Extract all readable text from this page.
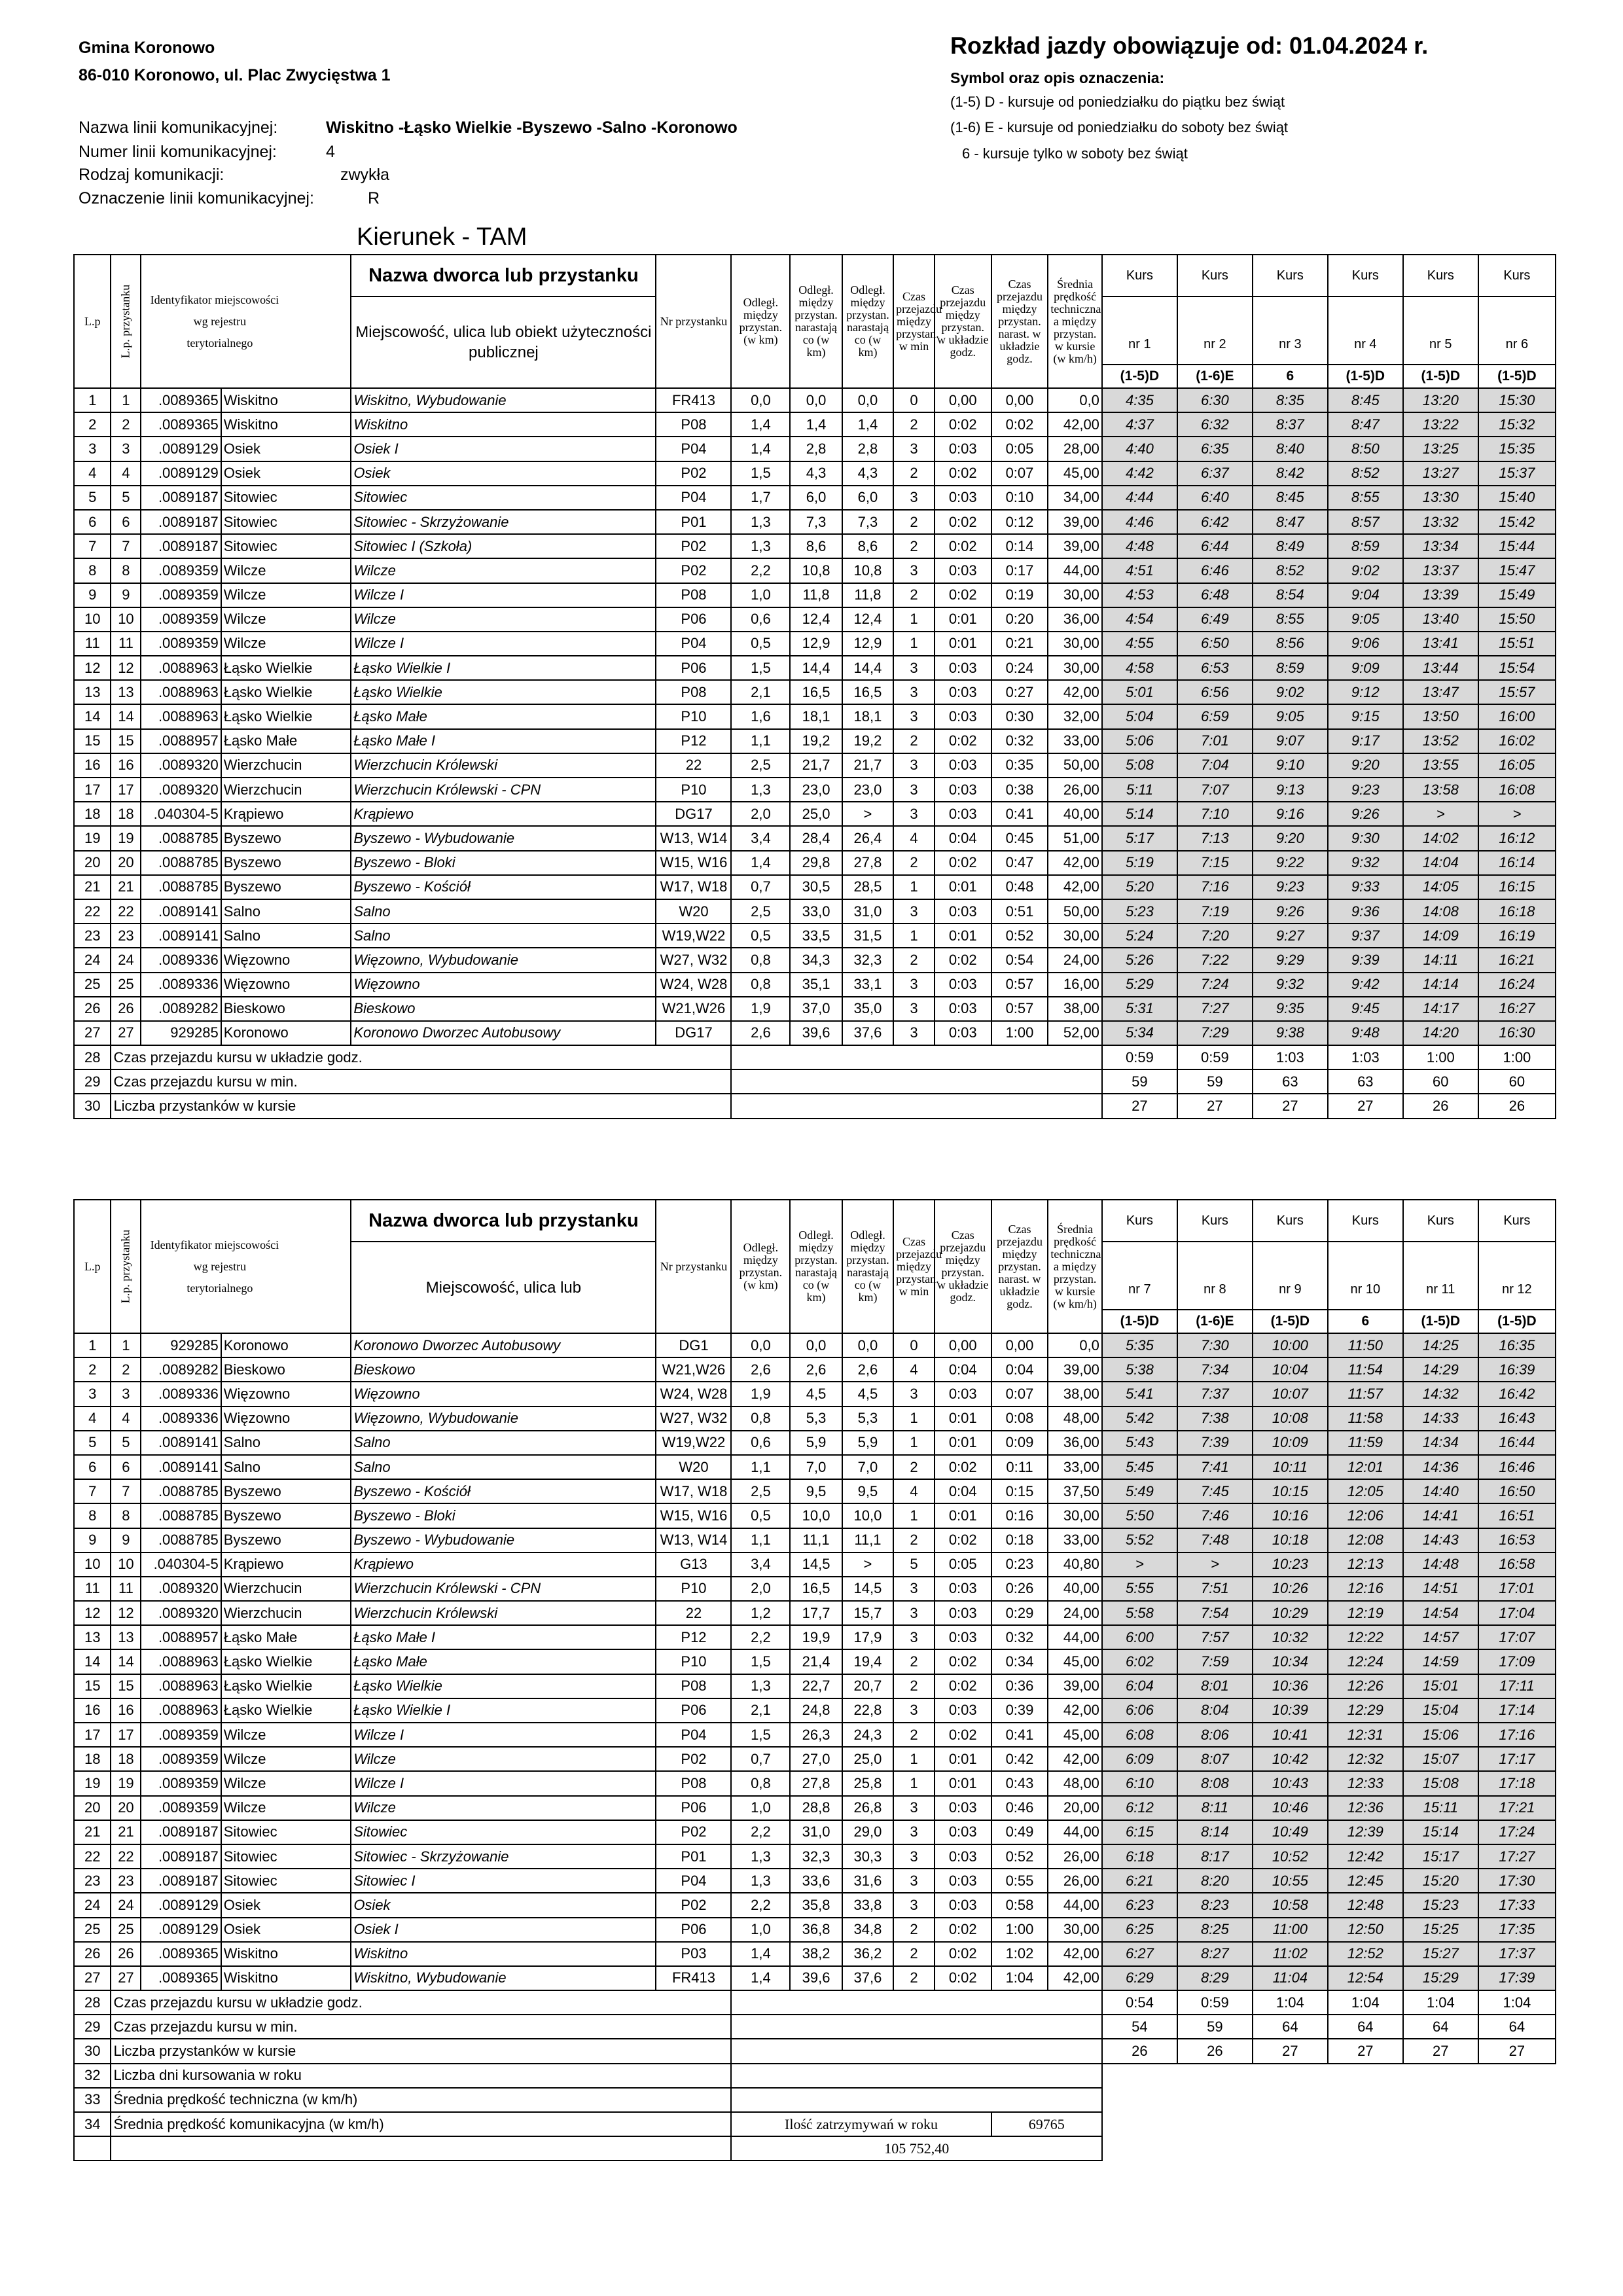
Gmina Koronowo
86-010 Koronowo, ul. Plac Zwycięstwa 1
Nazwa linii komunikacyjnej:	Wiskitno -Łąsko Wielkie -Byszewo -Salno -Koronowo
Numer linii komunikacyjnej:	4
Rodzaj komunikacji:	zwykła
Oznaczenie linii komunikacyjnej:	R
Rozkład jazdy obowiązuje od: 01.04.2024 r.
Symbol oraz opis oznaczenia:
(1-5) D - kursuje od poniedziałku do piątku bez świąt
(1-6) E - kursuje od poniedziałku do soboty bez świąt
6 - kursuje tylko w soboty bez świąt
Kierunek - TAM
L.p	L.p. przystanku	Identyfikator miejscowości
wg rejestru
terytorialnego		Nazwa dworca lub przystanku	Nr przystanku	Odległ. między przystan. (w km)	Odległ. między przystan. narastają co (w km)	Odległ. między przystan. narastają co (w km)	Czas przejazdu między przystan. w min	Czas przejazdu między przystan. w układzie godz.	Czas przejazdu między przystan. narast. w układzie godz.	Średnia prędkość techniczna a między przystan. w kursie (w km/h)	Kurs	Kurs	Kurs	Kurs	Kurs	Kurs
				Miejscowość, ulica lub obiekt użyteczności publicznej									nr 1	nr 2	nr 3	nr 4	nr 5	nr 6
													(1-5)D	(1-6)E	6	(1-5)D	(1-5)D	(1-5)D
1	1	.0089365	Wiskitno	Wiskitno, Wybudowanie	FR413	0,0	0,0	0,0	0	0,00	0,00	0,0	4:35	6:30	8:35	8:45	13:20	15:30
2	2	.0089365	Wiskitno	Wiskitno	P08	1,4	1,4	1,4	2	0:02	0:02	42,00	4:37	6:32	8:37	8:47	13:22	15:32
3	3	.0089129	Osiek	Osiek I	P04	1,4	2,8	2,8	3	0:03	0:05	28,00	4:40	6:35	8:40	8:50	13:25	15:35
4	4	.0089129	Osiek	Osiek	P02	1,5	4,3	4,3	2	0:02	0:07	45,00	4:42	6:37	8:42	8:52	13:27	15:37
5	5	.0089187	Sitowiec	Sitowiec	P04	1,7	6,0	6,0	3	0:03	0:10	34,00	4:44	6:40	8:45	8:55	13:30	15:40
6	6	.0089187	Sitowiec	Sitowiec - Skrzyżowanie	P01	1,3	7,3	7,3	2	0:02	0:12	39,00	4:46	6:42	8:47	8:57	13:32	15:42
7	7	.0089187	Sitowiec	Sitowiec I (Szkoła)	P02	1,3	8,6	8,6	2	0:02	0:14	39,00	4:48	6:44	8:49	8:59	13:34	15:44
8	8	.0089359	Wilcze	Wilcze	P02	2,2	10,8	10,8	3	0:03	0:17	44,00	4:51	6:46	8:52	9:02	13:37	15:47
9	9	.0089359	Wilcze	Wilcze I	P08	1,0	11,8	11,8	2	0:02	0:19	30,00	4:53	6:48	8:54	9:04	13:39	15:49
10	10	.0089359	Wilcze	Wilcze	P06	0,6	12,4	12,4	1	0:01	0:20	36,00	4:54	6:49	8:55	9:05	13:40	15:50
11	11	.0089359	Wilcze	Wilcze I	P04	0,5	12,9	12,9	1	0:01	0:21	30,00	4:55	6:50	8:56	9:06	13:41	15:51
12	12	.0088963	Łąsko Wielkie	Łąsko Wielkie I	P06	1,5	14,4	14,4	3	0:03	0:24	30,00	4:58	6:53	8:59	9:09	13:44	15:54
13	13	.0088963	Łąsko Wielkie	Łąsko Wielkie	P08	2,1	16,5	16,5	3	0:03	0:27	42,00	5:01	6:56	9:02	9:12	13:47	15:57
14	14	.0088963	Łąsko Wielkie	Łąsko Małe	P10	1,6	18,1	18,1	3	0:03	0:30	32,00	5:04	6:59	9:05	9:15	13:50	16:00
15	15	.0088957	Łąsko Małe	Łąsko Małe I	P12	1,1	19,2	19,2	2	0:02	0:32	33,00	5:06	7:01	9:07	9:17	13:52	16:02
16	16	.0089320	Wierzchucin	Wierzchucin Królewski	22	2,5	21,7	21,7	3	0:03	0:35	50,00	5:08	7:04	9:10	9:20	13:55	16:05
17	17	.0089320	Wierzchucin	Wierzchucin Królewski - CPN	P10	1,3	23,0	23,0	3	0:03	0:38	26,00	5:11	7:07	9:13	9:23	13:58	16:08
18	18	.040304-5	Krąpiewo	Krąpiewo	DG17	2,0	25,0	>	3	0:03	0:41	40,00	5:14	7:10	9:16	9:26	>	>
19	19	.0088785	Byszewo	Byszewo - Wybudowanie	W13, W14	3,4	28,4	26,4	4	0:04	0:45	51,00	5:17	7:13	9:20	9:30	14:02	16:12
20	20	.0088785	Byszewo	Byszewo - Bloki	W15, W16	1,4	29,8	27,8	2	0:02	0:47	42,00	5:19	7:15	9:22	9:32	14:04	16:14
21	21	.0088785	Byszewo	Byszewo - Kościół	W17, W18	0,7	30,5	28,5	1	0:01	0:48	42,00	5:20	7:16	9:23	9:33	14:05	16:15
22	22	.0089141	Salno	Salno	W20	2,5	33,0	31,0	3	0:03	0:51	50,00	5:23	7:19	9:26	9:36	14:08	16:18
23	23	.0089141	Salno	Salno	W19,W22	0,5	33,5	31,5	1	0:01	0:52	30,00	5:24	7:20	9:27	9:37	14:09	16:19
24	24	.0089336	Więzowno	Więzowno, Wybudowanie	W27, W32	0,8	34,3	32,3	2	0:02	0:54	24,00	5:26	7:22	9:29	9:39	14:11	16:21
25	25	.0089336	Więzowno	Więzowno	W24, W28	0,8	35,1	33,1	3	0:03	0:57	16,00	5:29	7:24	9:32	9:42	14:14	16:24
26	26	.0089282	Bieskowo	Bieskowo	W21,W26	1,9	37,0	35,0	3	0:03	0:57	38,00	5:31	7:27	9:35	9:45	14:17	16:27
27	27	929285	Koronowo	Koronowo Dworzec Autobusowy	DG17	2,6	39,6	37,6	3	0:03	1:00	52,00	5:34	7:29	9:38	9:48	14:20	16:30
28	Czas przejazdu kursu w układzie godz.												0:59	0:59	1:03	1:03	1:00	1:00
29	Czas przejazdu kursu w min.												59	59	63	63	60	60
30	Liczba przystanków w kursie												27	27	27	27	26	26
L.p	L.p. przystanku	Identyfikator miejscowości
wg rejestru
terytorialnego		Nazwa dworca lub przystanku	Nr przystanku	Odległ. między przystan. (w km)	Odległ. między przystan. narastają co (w km)	Odległ. między przystan. narastają co (w km)	Czas przejazdu między przystan. w min	Czas przejazdu między przystan. w układzie godz.	Czas przejazdu między przystan. narast. w układzie godz.	Średnia prędkość techniczna a między przystan. w kursie (w km/h)	Kurs	Kurs	Kurs	Kurs	Kurs	Kurs
				Miejscowość, ulica lub									nr 7	nr 8	nr 9	nr 10	nr 11	nr 12
													(1-5)D	(1-6)E	(1-5)D	6	(1-5)D	(1-5)D
1	1	929285	Koronowo	Koronowo Dworzec Autobusowy	DG1	0,0	0,0	0,0	0	0,00	0,00	0,0	5:35	7:30	10:00	11:50	14:25	16:35
2	2	.0089282	Bieskowo	Bieskowo	W21,W26	2,6	2,6	2,6	4	0:04	0:04	39,00	5:38	7:34	10:04	11:54	14:29	16:39
3	3	.0089336	Więzowno	Więzowno	W24, W28	1,9	4,5	4,5	3	0:03	0:07	38,00	5:41	7:37	10:07	11:57	14:32	16:42
4	4	.0089336	Więzowno	Więzowno, Wybudowanie	W27, W32	0,8	5,3	5,3	1	0:01	0:08	48,00	5:42	7:38	10:08	11:58	14:33	16:43
5	5	.0089141	Salno	Salno	W19,W22	0,6	5,9	5,9	1	0:01	0:09	36,00	5:43	7:39	10:09	11:59	14:34	16:44
6	6	.0089141	Salno	Salno	W20	1,1	7,0	7,0	2	0:02	0:11	33,00	5:45	7:41	10:11	12:01	14:36	16:46
7	7	.0088785	Byszewo	Byszewo - Kościół	W17, W18	2,5	9,5	9,5	4	0:04	0:15	37,50	5:49	7:45	10:15	12:05	14:40	16:50
8	8	.0088785	Byszewo	Byszewo - Bloki	W15, W16	0,5	10,0	10,0	1	0:01	0:16	30,00	5:50	7:46	10:16	12:06	14:41	16:51
9	9	.0088785	Byszewo	Byszewo - Wybudowanie	W13, W14	1,1	11,1	11,1	2	0:02	0:18	33,00	5:52	7:48	10:18	12:08	14:43	16:53
10	10	.040304-5	Krąpiewo	Krąpiewo	G13	3,4	14,5	>	5	0:05	0:23	40,80	>	>	10:23	12:13	14:48	16:58
11	11	.0089320	Wierzchucin	Wierzchucin Królewski - CPN	P10	2,0	16,5	14,5	3	0:03	0:26	40,00	5:55	7:51	10:26	12:16	14:51	17:01
12	12	.0089320	Wierzchucin	Wierzchucin Królewski	22	1,2	17,7	15,7	3	0:03	0:29	24,00	5:58	7:54	10:29	12:19	14:54	17:04
13	13	.0088957	Łąsko Małe	Łąsko Małe I	P12	2,2	19,9	17,9	3	0:03	0:32	44,00	6:00	7:57	10:32	12:22	14:57	17:07
14	14	.0088963	Łąsko Wielkie	Łąsko Małe	P10	1,5	21,4	19,4	2	0:02	0:34	45,00	6:02	7:59	10:34	12:24	14:59	17:09
15	15	.0088963	Łąsko Wielkie	Łąsko Wielkie	P08	1,3	22,7	20,7	2	0:02	0:36	39,00	6:04	8:01	10:36	12:26	15:01	17:11
16	16	.0088963	Łąsko Wielkie	Łąsko Wielkie I	P06	2,1	24,8	22,8	3	0:03	0:39	42,00	6:06	8:04	10:39	12:29	15:04	17:14
17	17	.0089359	Wilcze	Wilcze I	P04	1,5	26,3	24,3	2	0:02	0:41	45,00	6:08	8:06	10:41	12:31	15:06	17:16
18	18	.0089359	Wilcze	Wilcze	P02	0,7	27,0	25,0	1	0:01	0:42	42,00	6:09	8:07	10:42	12:32	15:07	17:17
19	19	.0089359	Wilcze	Wilcze I	P08	0,8	27,8	25,8	1	0:01	0:43	48,00	6:10	8:08	10:43	12:33	15:08	17:18
20	20	.0089359	Wilcze	Wilcze	P06	1,0	28,8	26,8	3	0:03	0:46	20,00	6:12	8:11	10:46	12:36	15:11	17:21
21	21	.0089187	Sitowiec	Sitowiec	P02	2,2	31,0	29,0	3	0:03	0:49	44,00	6:15	8:14	10:49	12:39	15:14	17:24
22	22	.0089187	Sitowiec	Sitowiec - Skrzyżowanie	P01	1,3	32,3	30,3	3	0:03	0:52	26,00	6:18	8:17	10:52	12:42	15:17	17:27
23	23	.0089187	Sitowiec	Sitowiec I	P04	1,3	33,6	31,6	3	0:03	0:55	26,00	6:21	8:20	10:55	12:45	15:20	17:30
24	24	.0089129	Osiek	Osiek	P02	2,2	35,8	33,8	3	0:03	0:58	44,00	6:23	8:23	10:58	12:48	15:23	17:33
25	25	.0089129	Osiek	Osiek I	P06	1,0	36,8	34,8	2	0:02	1:00	30,00	6:25	8:25	11:00	12:50	15:25	17:35
26	26	.0089365	Wiskitno	Wiskitno	P03	1,4	38,2	36,2	2	0:02	1:02	42,00	6:27	8:27	11:02	12:52	15:27	17:37
27	27	.0089365	Wiskitno	Wiskitno, Wybudowanie	FR413	1,4	39,6	37,6	2	0:02	1:04	42,00	6:29	8:29	11:04	12:54	15:29	17:39
28	Czas przejazdu kursu w układzie godz.												0:54	0:59	1:04	1:04	1:04	1:04
29	Czas przejazdu kursu w min.												54	59	64	64	64	64
30	Liczba przystanków w kursie												26	26	27	27	27	27
32	Liczba dni kursowania w roku																	
33	Średnia prędkość techniczna (w km/h)																	
34	Średnia prędkość komunikacyjna (w km/h)					Ilość zatrzymywań w roku					69765							
						105 752,40												
